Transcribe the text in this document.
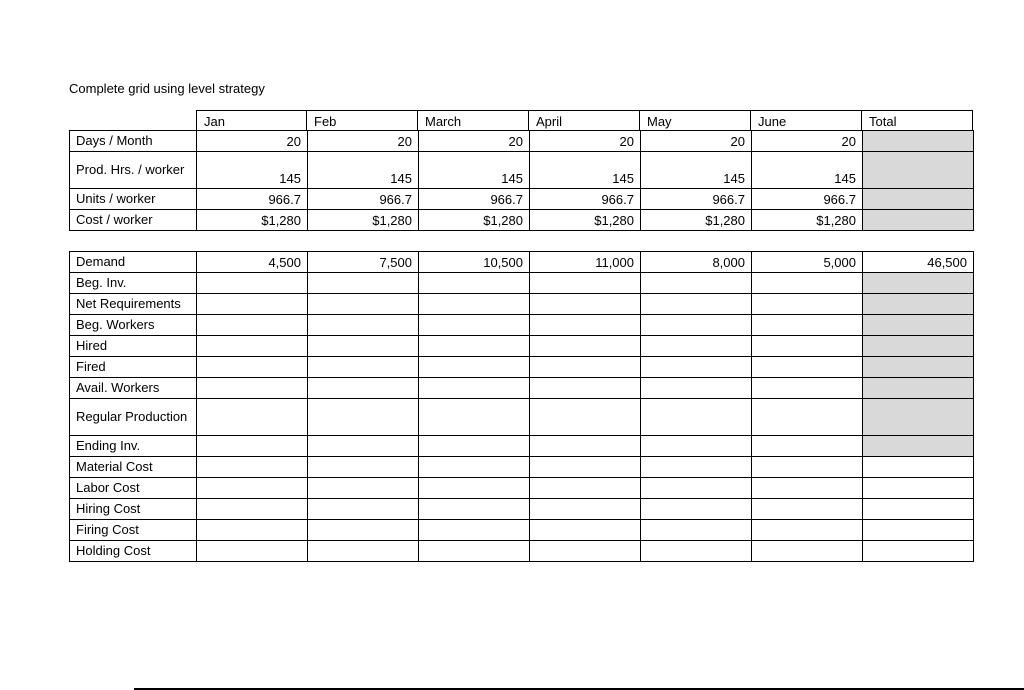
Complete grid using level strategy
Jan	Feb	March	April	May	June	Total
Days / Month	20	20	20	20	20	20	
Prod. Hrs. / worker	145	145	145	145	145	145	
Units / worker	966.7	966.7	966.7	966.7	966.7	966.7	
Cost / worker	$1,280	$1,280	$1,280	$1,280	$1,280	$1,280	
Demand	4,500	7,500	10,500	11,000	8,000	5,000	46,500
Beg. Inv.							
Net Requirements							
Beg. Workers							
Hired							
Fired							
Avail. Workers							
Regular Production							
Ending Inv.							
Material Cost							
Labor Cost							
Hiring Cost							
Firing Cost							
Holding Cost							
